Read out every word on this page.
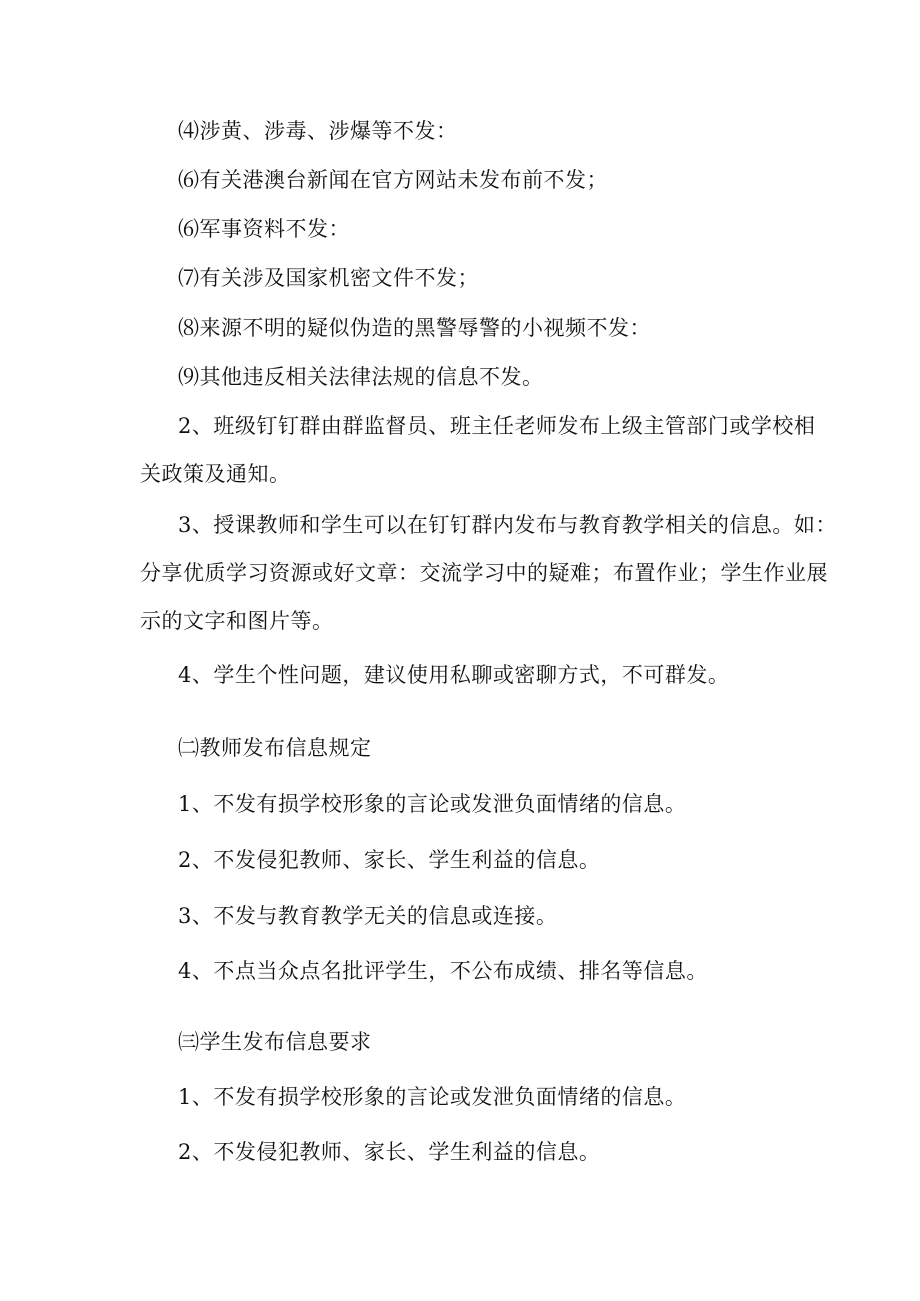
⑷涉黄、涉毒、涉爆等不发：
⑹有关港澳台新闻在官方网站未发布前不发；
⑹军事资料不发：
⑺有关涉及国家机密文件不发；
⑻来源不明的疑似伪造的黑警辱警的小视频不发：
⑼其他违反相关法律法规的信息不发。
2、班级钉钉群由群监督员、班主任老师发布上级主管部门或学校相
关政策及通知。
3、授课教师和学生可以在钉钉群内发布与教育教学相关的信息。如：
分享优质学习资源或好文章：交流学习中的疑难；布置作业；学生作业展
示的文字和图片等。
4、学生个性问题，建议使用私聊或密聊方式，不可群发。
㈡教师发布信息规定
1、不发有损学校形象的言论或发泄负面情绪的信息。
2、不发侵犯教师、家长、学生利益的信息。
3、不发与教育教学无关的信息或连接。
4、不点当众点名批评学生，不公布成绩、排名等信息。
㈢学生发布信息要求
1、不发有损学校形象的言论或发泄负面情绪的信息。
2、不发侵犯教师、家长、学生利益的信息。
